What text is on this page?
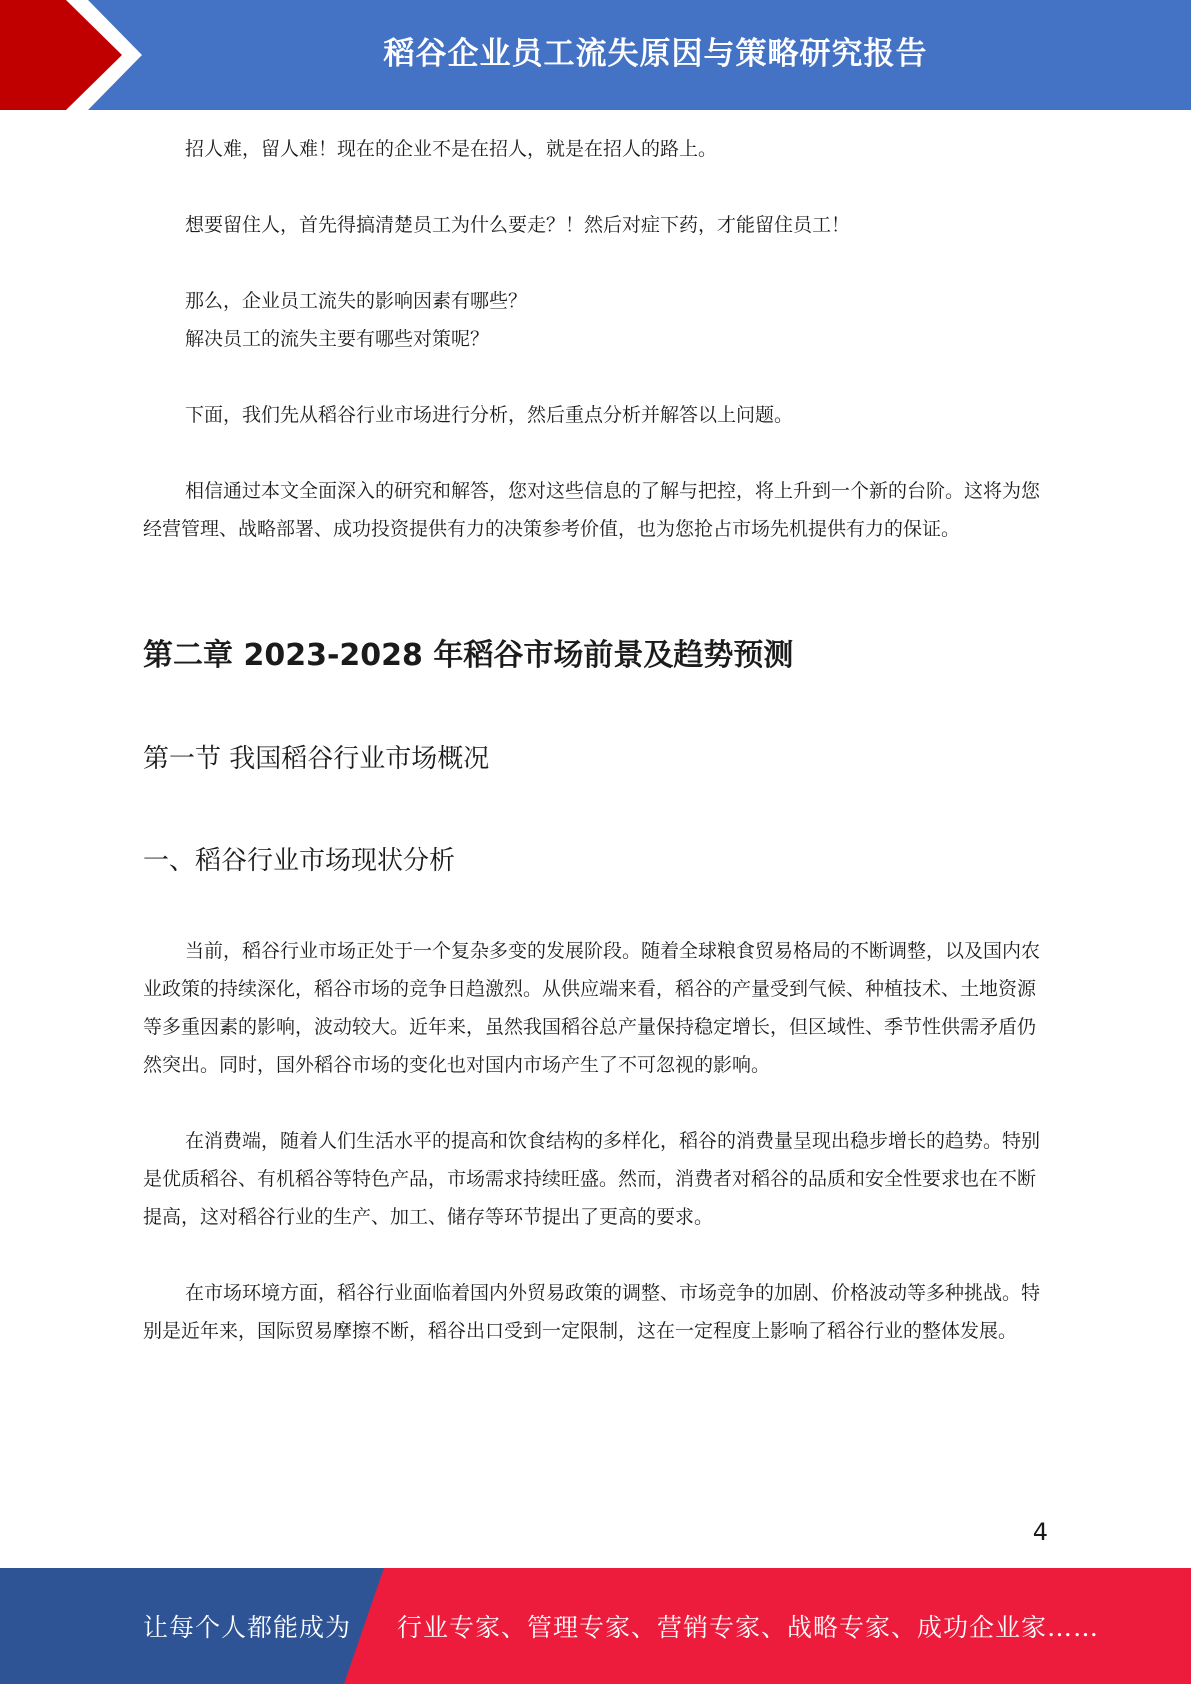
稻谷企业员工流失原因与策略研究报告

招人难，留人难！现在的企业不是在招人，就是在招人的路上。

想要留住人，首先得搞清楚员工为什么要走？！然后对症下药，才能留住员工！

那么，企业员工流失的影响因素有哪些？

解决员工的流失主要有哪些对策呢？

下面，我们先从稻谷行业市场进行分析，然后重点分析并解答以上问题。

相信通过本文全面深入的研究和解答，您对这些信息的了解与把控，将上升到一个新的台阶。这将为您经营管理、战略部署、成功投资提供有力的决策参考价值，也为您抢占市场先机提供有力的保证。

第二章 2023-2028 年稻谷市场前景及趋势预测
第一节 我国稻谷行业市场概况
一、稻谷行业市场现状分析

当前，稻谷行业市场正处于一个复杂多变的发展阶段。随着全球粮食贸易格局的不断调整，以及国内农业政策的持续深化，稻谷市场的竞争日趋激烈。从供应端来看，稻谷的产量受到气候、种植技术、土地资源等多重因素的影响，波动较大。近年来，虽然我国稻谷总产量保持稳定增长，但区域性、季节性供需矛盾仍然突出。同时，国外稻谷市场的变化也对国内市场产生了不可忽视的影响。

在消费端，随着人们生活水平的提高和饮食结构的多样化，稻谷的消费量呈现出稳步增长的趋势。特别是优质稻谷、有机稻谷等特色产品，市场需求持续旺盛。然而，消费者对稻谷的品质和安全性要求也在不断提高，这对稻谷行业的生产、加工、储存等环节提出了更高的要求。

在市场环境方面，稻谷行业面临着国内外贸易政策的调整、市场竞争的加剧、价格波动等多种挑战。特别是近年来，国际贸易摩擦不断，稻谷出口受到一定限制，这在一定程度上影响了稻谷行业的整体发展。

4
让每个人都能成为 行业专家、管理专家、营销专家、战略专家、成功企业家……
